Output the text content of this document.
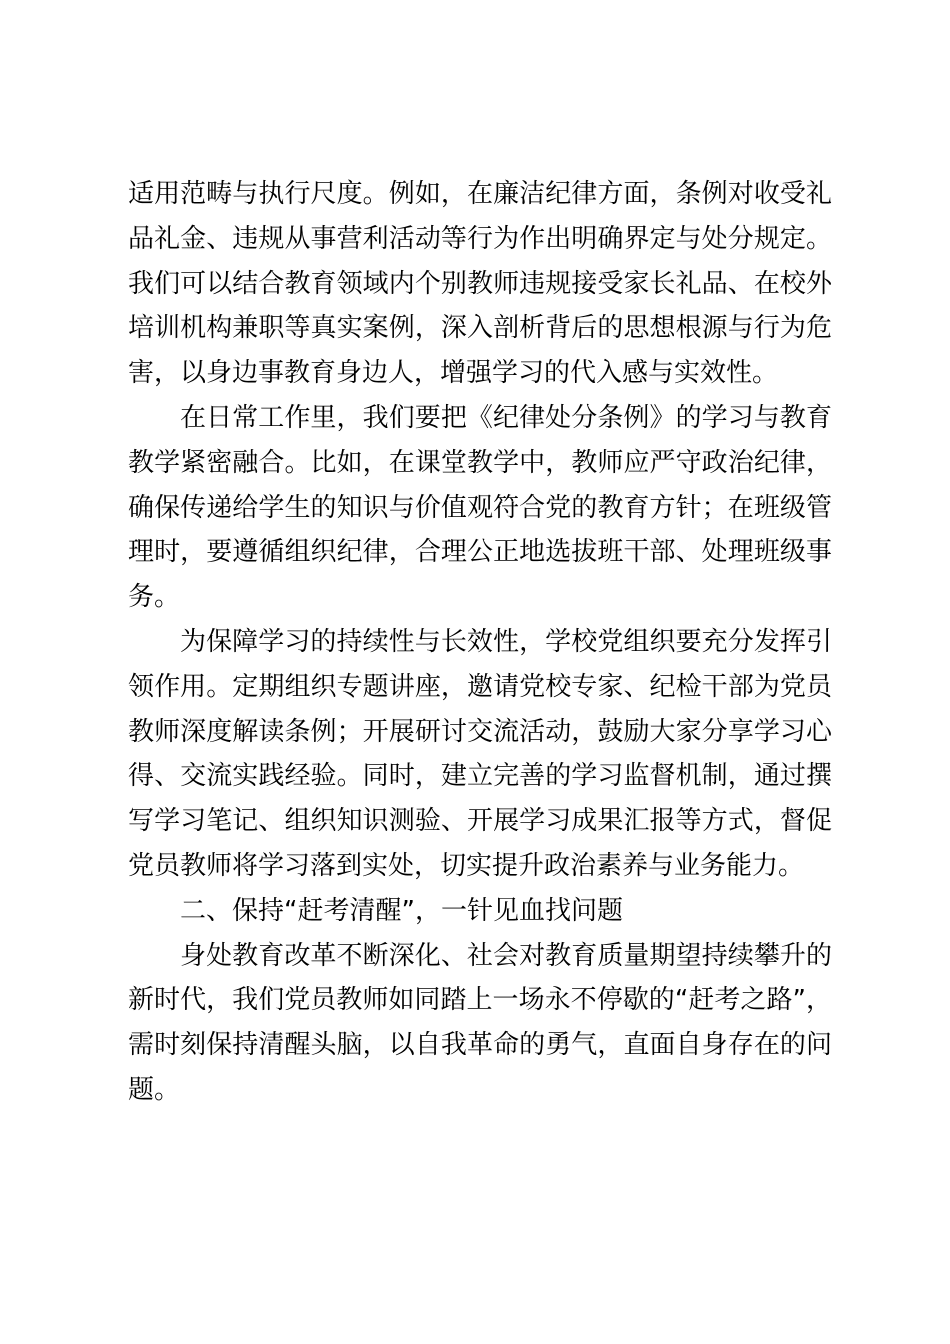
适用范畴与执行尺度。例如，在廉洁纪律方面，条例对收受礼品礼金、违规从事营利活动等行为作出明确界定与处分规定。我们可以结合教育领域内个别教师违规接受家长礼品、在校外培训机构兼职等真实案例，深入剖析背后的思想根源与行为危害，以身边事教育身边人，增强学习的代入感与实效性。

在日常工作里，我们要把《纪律处分条例》的学习与教育教学紧密融合。比如，在课堂教学中，教师应严守政治纪律，确保传递给学生的知识与价值观符合党的教育方针；在班级管理时，要遵循组织纪律，合理公正地选拔班干部、处理班级事务。

为保障学习的持续性与长效性，学校党组织要充分发挥引领作用。定期组织专题讲座，邀请党校专家、纪检干部为党员教师深度解读条例；开展研讨交流活动，鼓励大家分享学习心得、交流实践经验。同时，建立完善的学习监督机制，通过撰写学习笔记、组织知识测验、开展学习成果汇报等方式，督促党员教师将学习落到实处，切实提升政治素养与业务能力。

二、保持“赶考清醒”，一针见血找问题

身处教育改革不断深化、社会对教育质量期望持续攀升的新时代，我们党员教师如同踏上一场永不停歇的“赶考之路”，需时刻保持清醒头脑，以自我革命的勇气，直面自身存在的问题。
